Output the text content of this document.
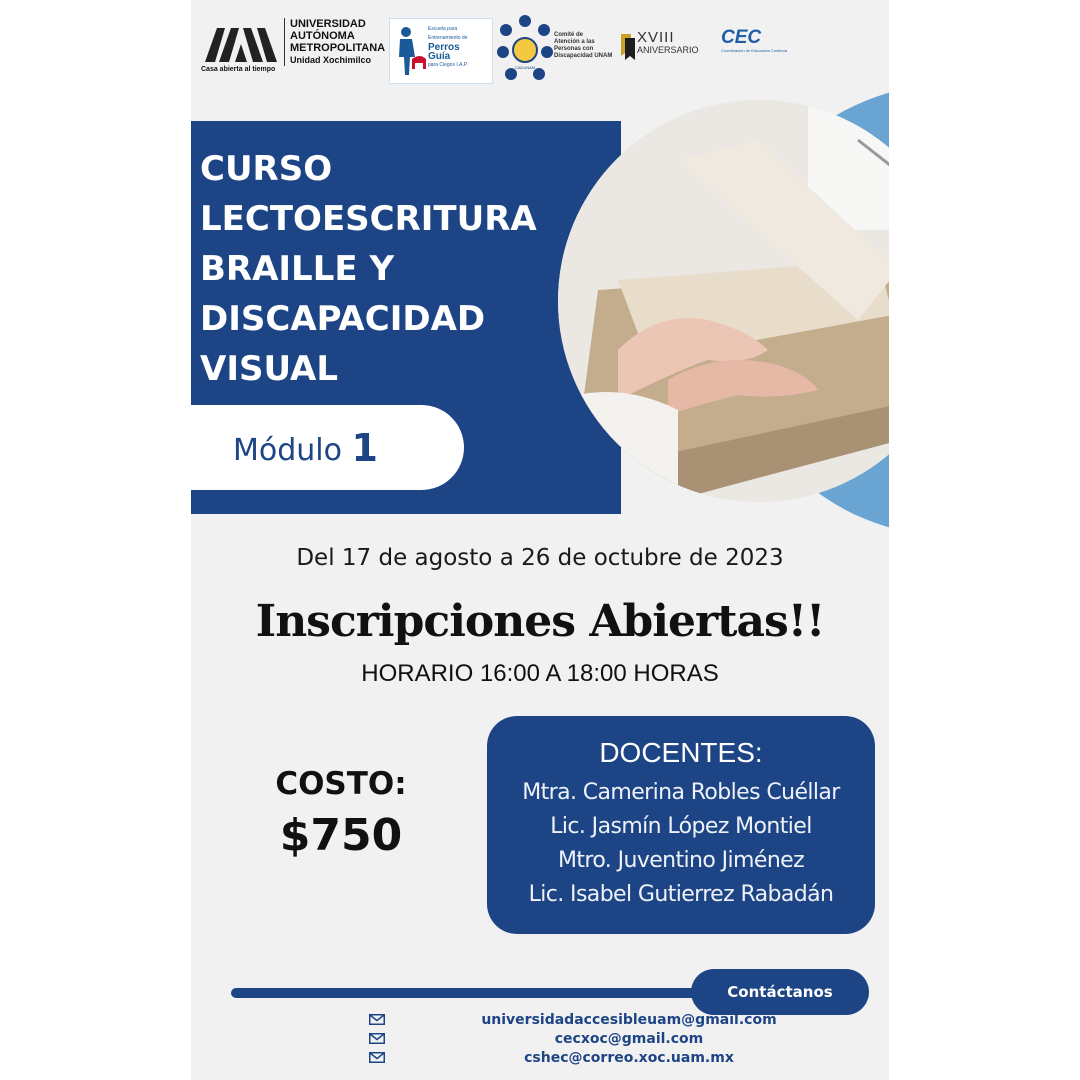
Casa abierta al tiempo
UNIVERSIDAD
AUTÓNOMA
METROPOLITANA
Unidad Xochimilco
Escuela para
Entrenamiento de
Perros
Guía
para Ciegos I.A.P.	CADUNAM
Comité de
Atención a las
Personas con
Discapacidad UNAM
XVIII
ANIVERSARIO
CEC
Coordinación de Educación Continua
CURSO
LECTOESCRITURA
BRAILLE Y
DISCAPACIDAD
VISUAL
Módulo 1
Del 17 de agosto a 26 de octubre de 2023
Inscripciones Abiertas!!
HORARIO 16:00 A 18:00 HORAS
COSTO:
$750
DOCENTES:
Mtra. Camerina Robles Cuéllar
Lic. Jasmín López Montiel
Mtro. Juventino Jiménez
Lic. Isabel Gutierrez Rabadán
Contáctanos
universidadaccesibleuam@gmail.com
cecxoc@gmail.com
cshec@correo.xoc.uam.mx
